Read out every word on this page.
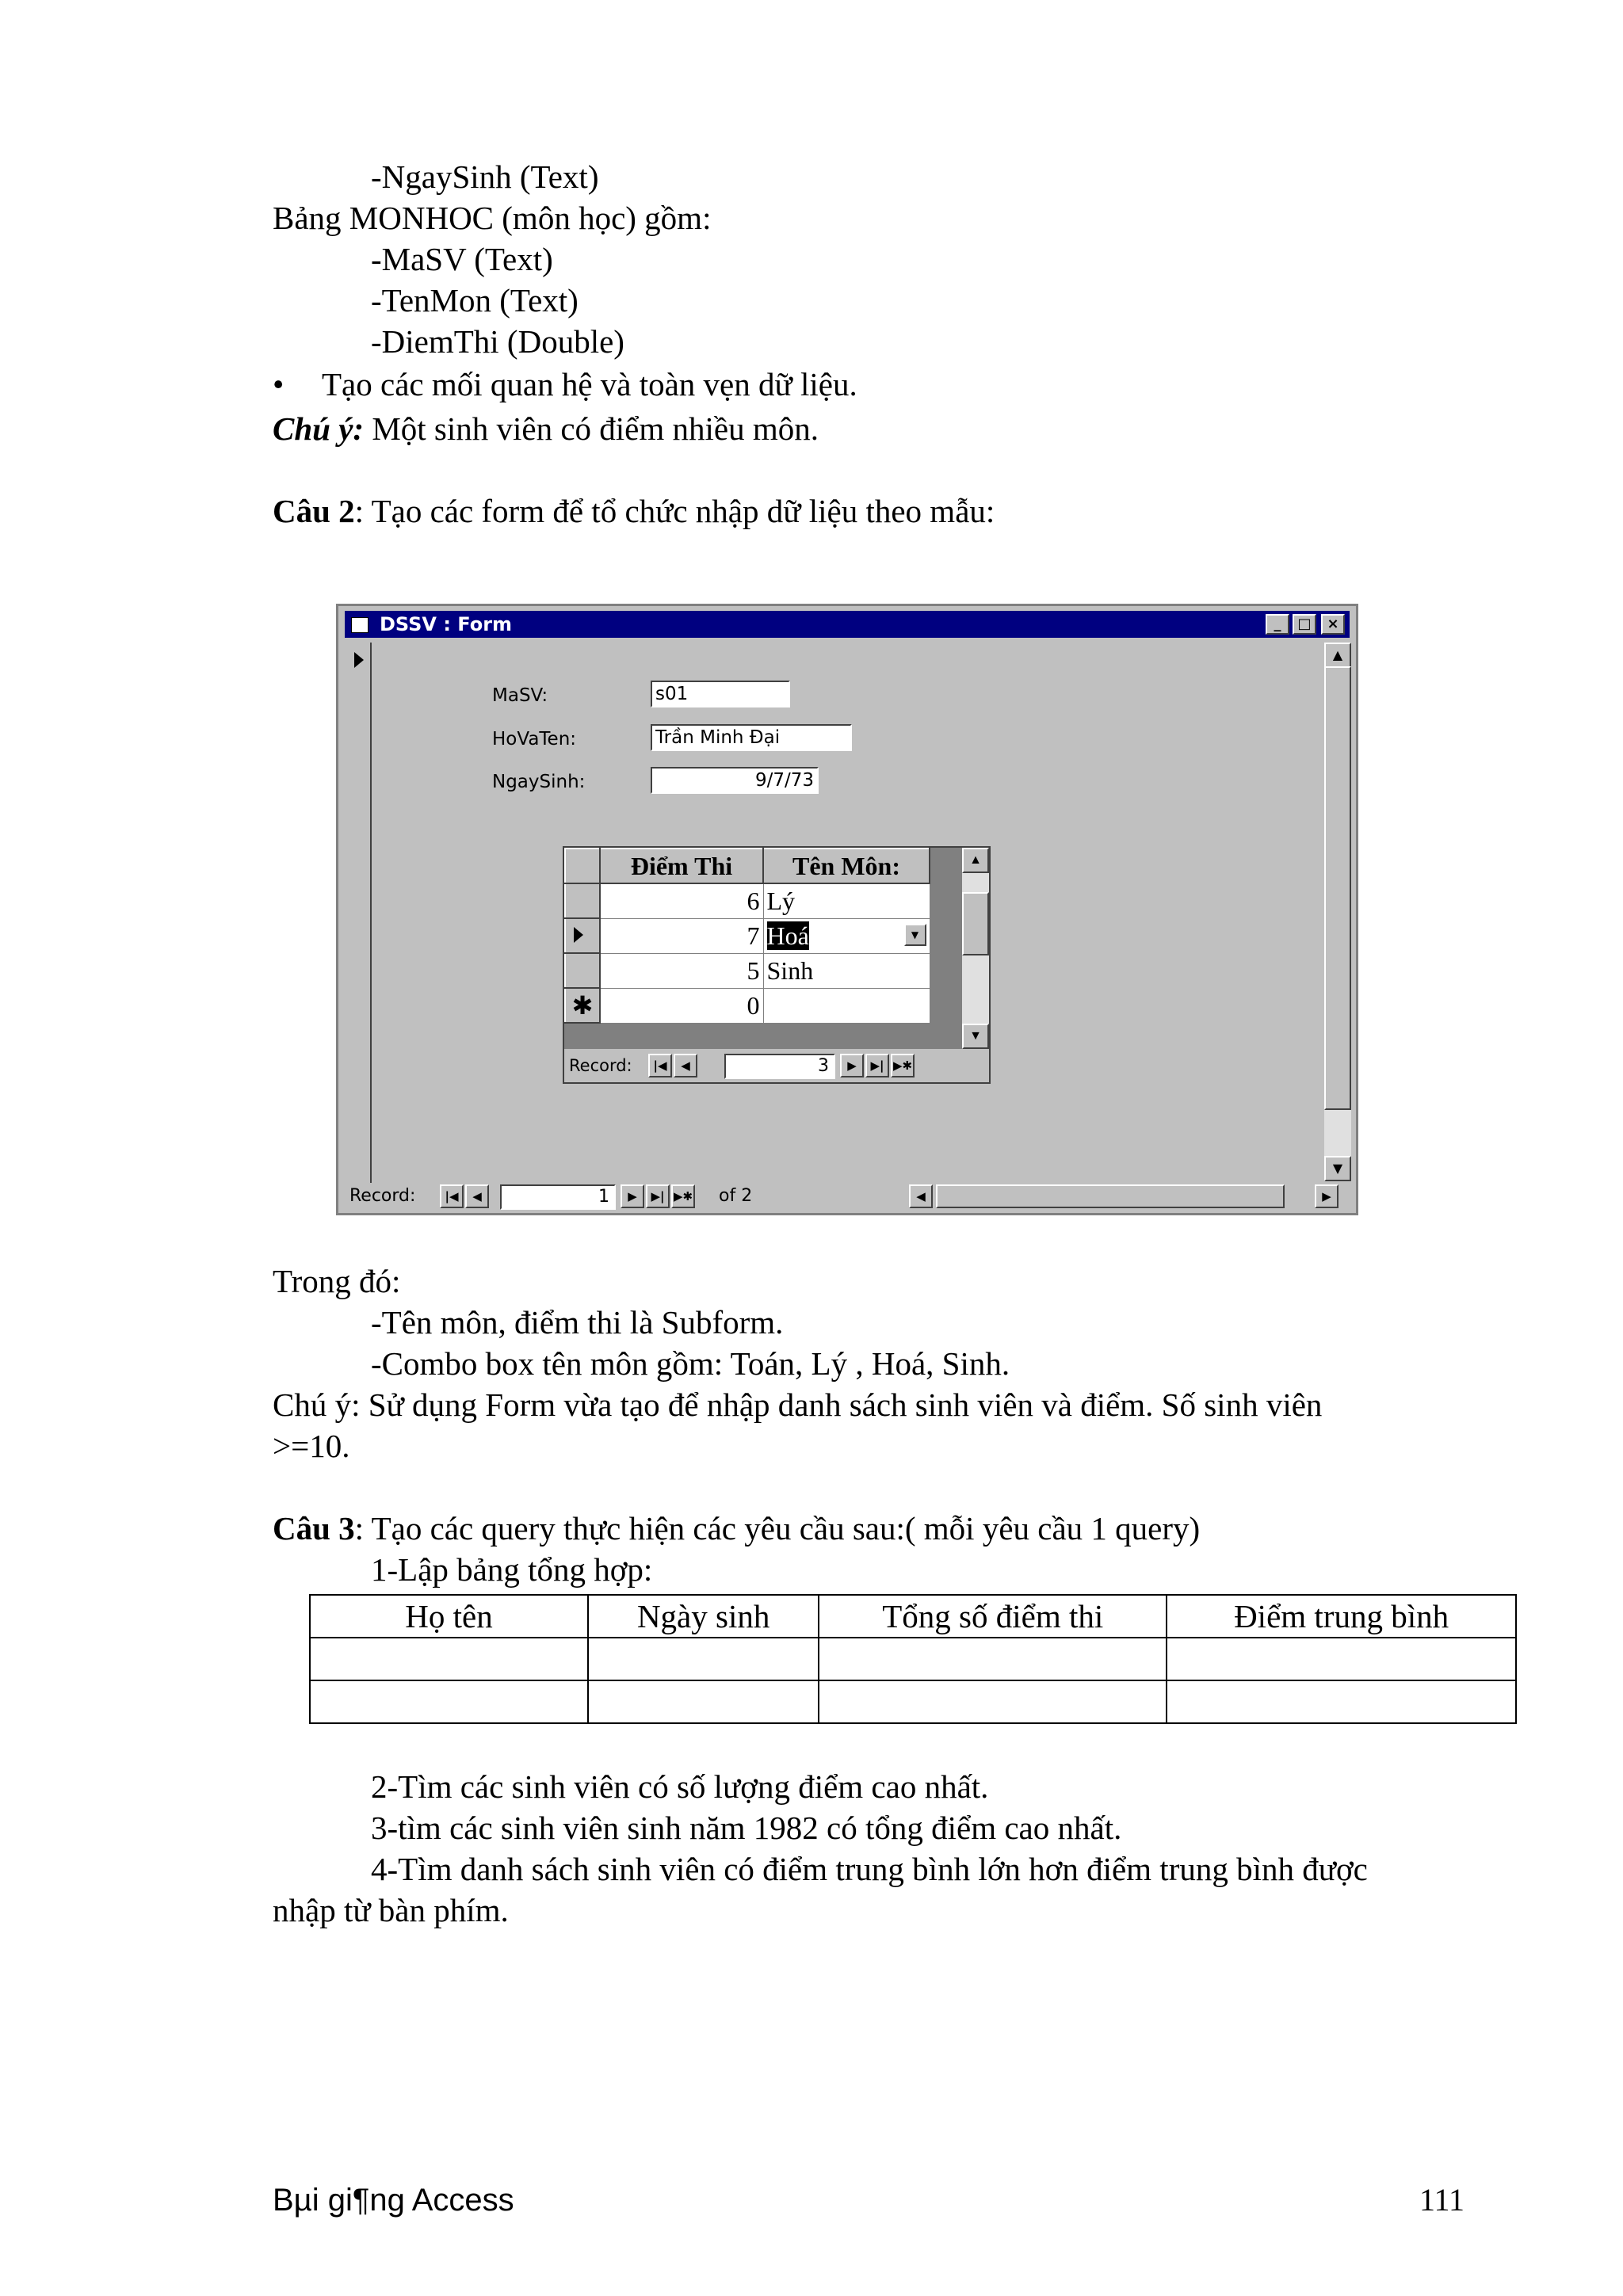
-NgaySinh (Text)
Bảng MONHOC (môn học) gồm:
-MaSV (Text)
-TenMon (Text)
-DiemThi (Double)
• Tạo các mối quan hệ và toàn vẹn dữ liệu.
Chú ý: Một sinh viên có điểm nhiều môn.
Câu 2: Tạo các form để tổ chức nhập dữ liệu theo mẫu:
DSSV : Form	_	□	×
MaSV:	s01
HoVaTen:	Trần Minh Đại
NgaySinh:	9/7/73
▲
▼
Record:	|◀	◀	1	▶	▶| ▶✱ of 2	◀	▶
	Điểm Thi	Tên Môn:
	6	Lý

	7	Hoá ▼

	5	Sinh
✱	0	
▲
▼
Record:	|◀	◀	3	▶	▶| ▶✱
Trong đó:
-Tên môn, điểm thi là Subform.
-Combo box tên môn gồm: Toán, Lý , Hoá, Sinh.
Chú ý: Sử dụng Form vừa tạo để nhập danh sách sinh viên và điểm. Số sinh viên
>=10.
Câu 3: Tạo các query thực hiện các yêu cầu sau:( mỗi yêu cầu 1 query)
1-Lập bảng tổng hợp:
Họ tên	Ngày sinh	Tổng số điểm thi	Điểm trung bình

2-Tìm các sinh viên có số lượng điểm cao nhất.
3-tìm các sinh viên sinh năm 1982 có tổng điểm cao nhất.
4-Tìm danh sách sinh viên có điểm trung bình lớn hơn điểm trung bình được
nhập từ bàn phím.
Bµi gi¶ng Access	111
